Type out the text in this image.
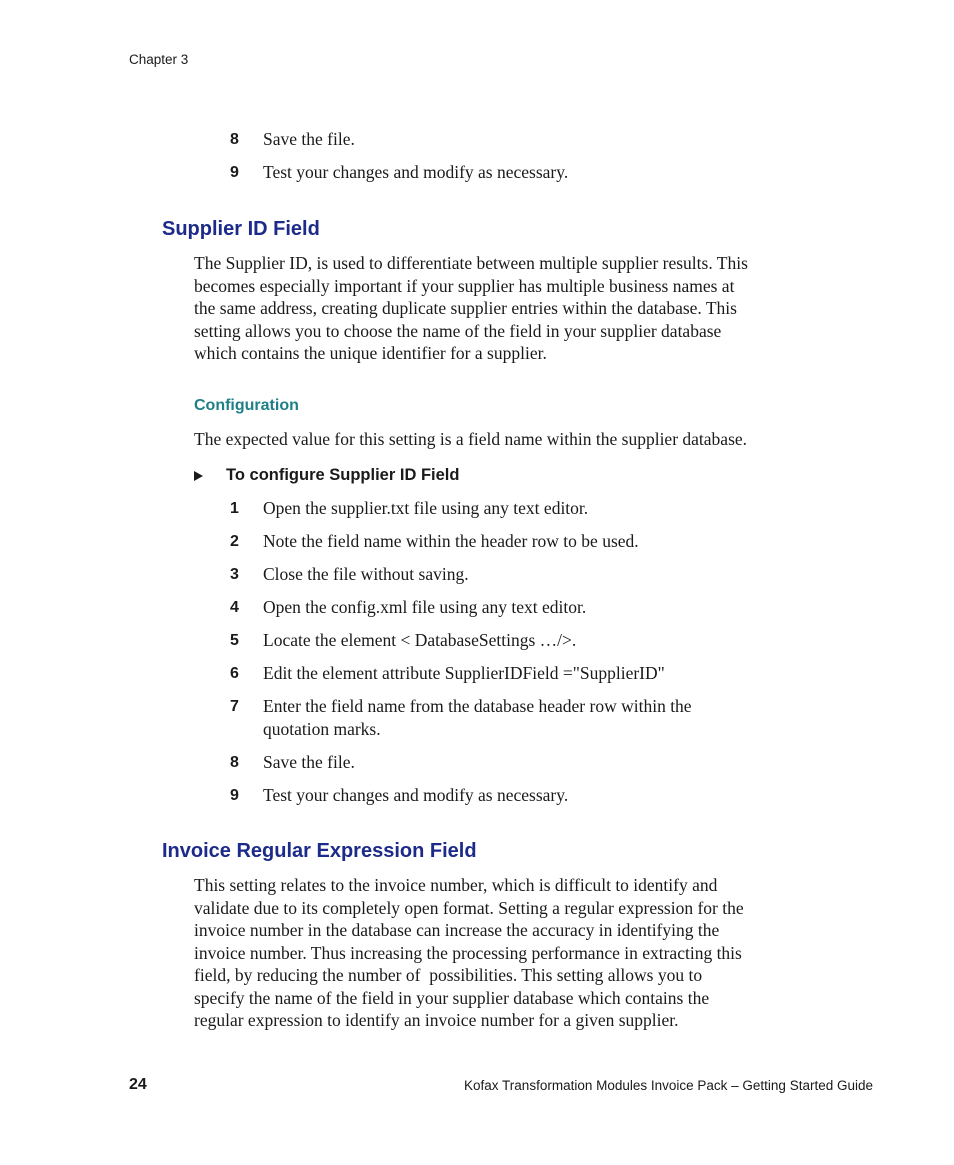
Chapter 3
8	Save the file.
9	Test your changes and modify as necessary.
Supplier ID Field
The Supplier ID, is used to differentiate between multiple supplier results. This
becomes especially important if your supplier has multiple business names at
the same address, creating duplicate supplier entries within the database. This
setting allows you to choose the name of the field in your supplier database
which contains the unique identifier for a supplier.
Configuration

The expected value for this setting is a field name within the supplier database.

To configure Supplier ID Field
1	Open the supplier.txt file using any text editor.
2	Note the field name within the header row to be used.
3	Close the file without saving.
4	Open the config.xml file using any text editor.
5	Locate the element < DatabaseSettings …/>.
6	Edit the element attribute SupplierIDField ="SupplierID"
7	Enter the field name from the database header row within the
quotation marks.
8	Save the file.
9	Test your changes and modify as necessary.
Invoice Regular Expression Field
This setting relates to the invoice number, which is difficult to identify and
validate due to its completely open format. Setting a regular expression for the
invoice number in the database can increase the accuracy in identifying the
invoice number. Thus increasing the processing performance in extracting this
field, by reducing the number of  possibilities. This setting allows you to
specify the name of the field in your supplier database which contains the
regular expression to identify an invoice number for a given supplier.
24	Kofax Transformation Modules Invoice Pack – Getting Started Guide
